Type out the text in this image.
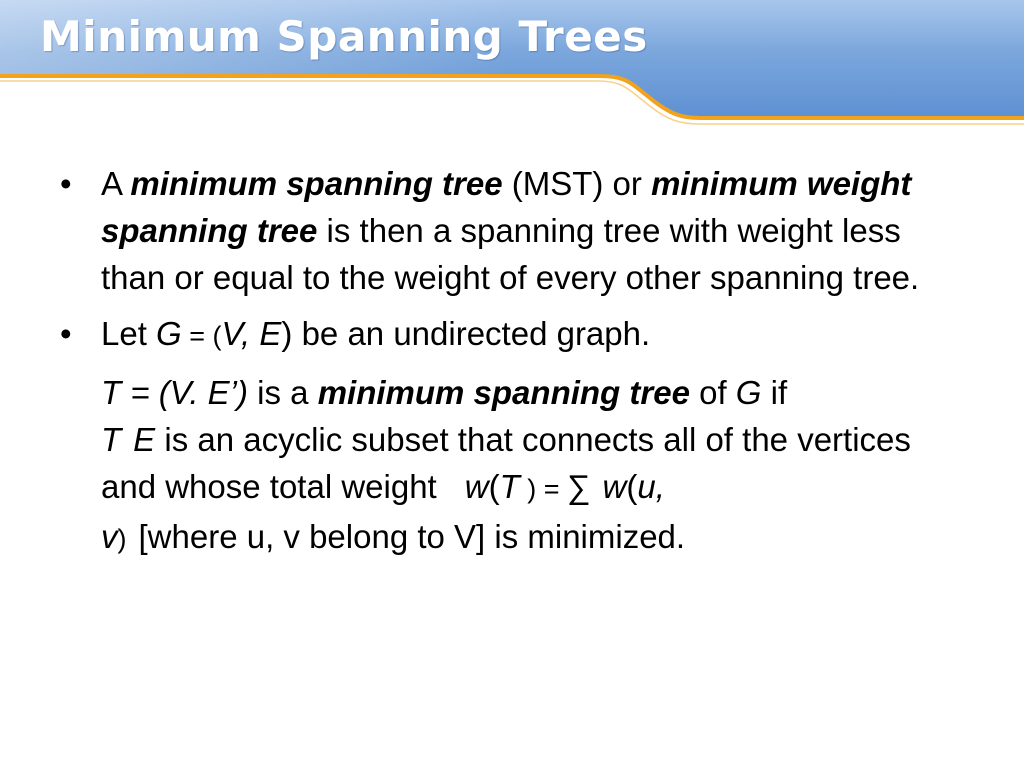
Minimum Spanning Trees
• A minimum spanning tree (MST) or minimum weight spanning tree is then a spanning tree with weight less than or equal to the weight of every other spanning tree.
• Let G = (V, E) be an undirected graph.
T = (V. E’) is a minimum spanning tree of G if
T E is an acyclic subset that connects all of the vertices and whose total weight w(T ) = ∑ w(u,
v) [where u, v belong to V] is minimized.
